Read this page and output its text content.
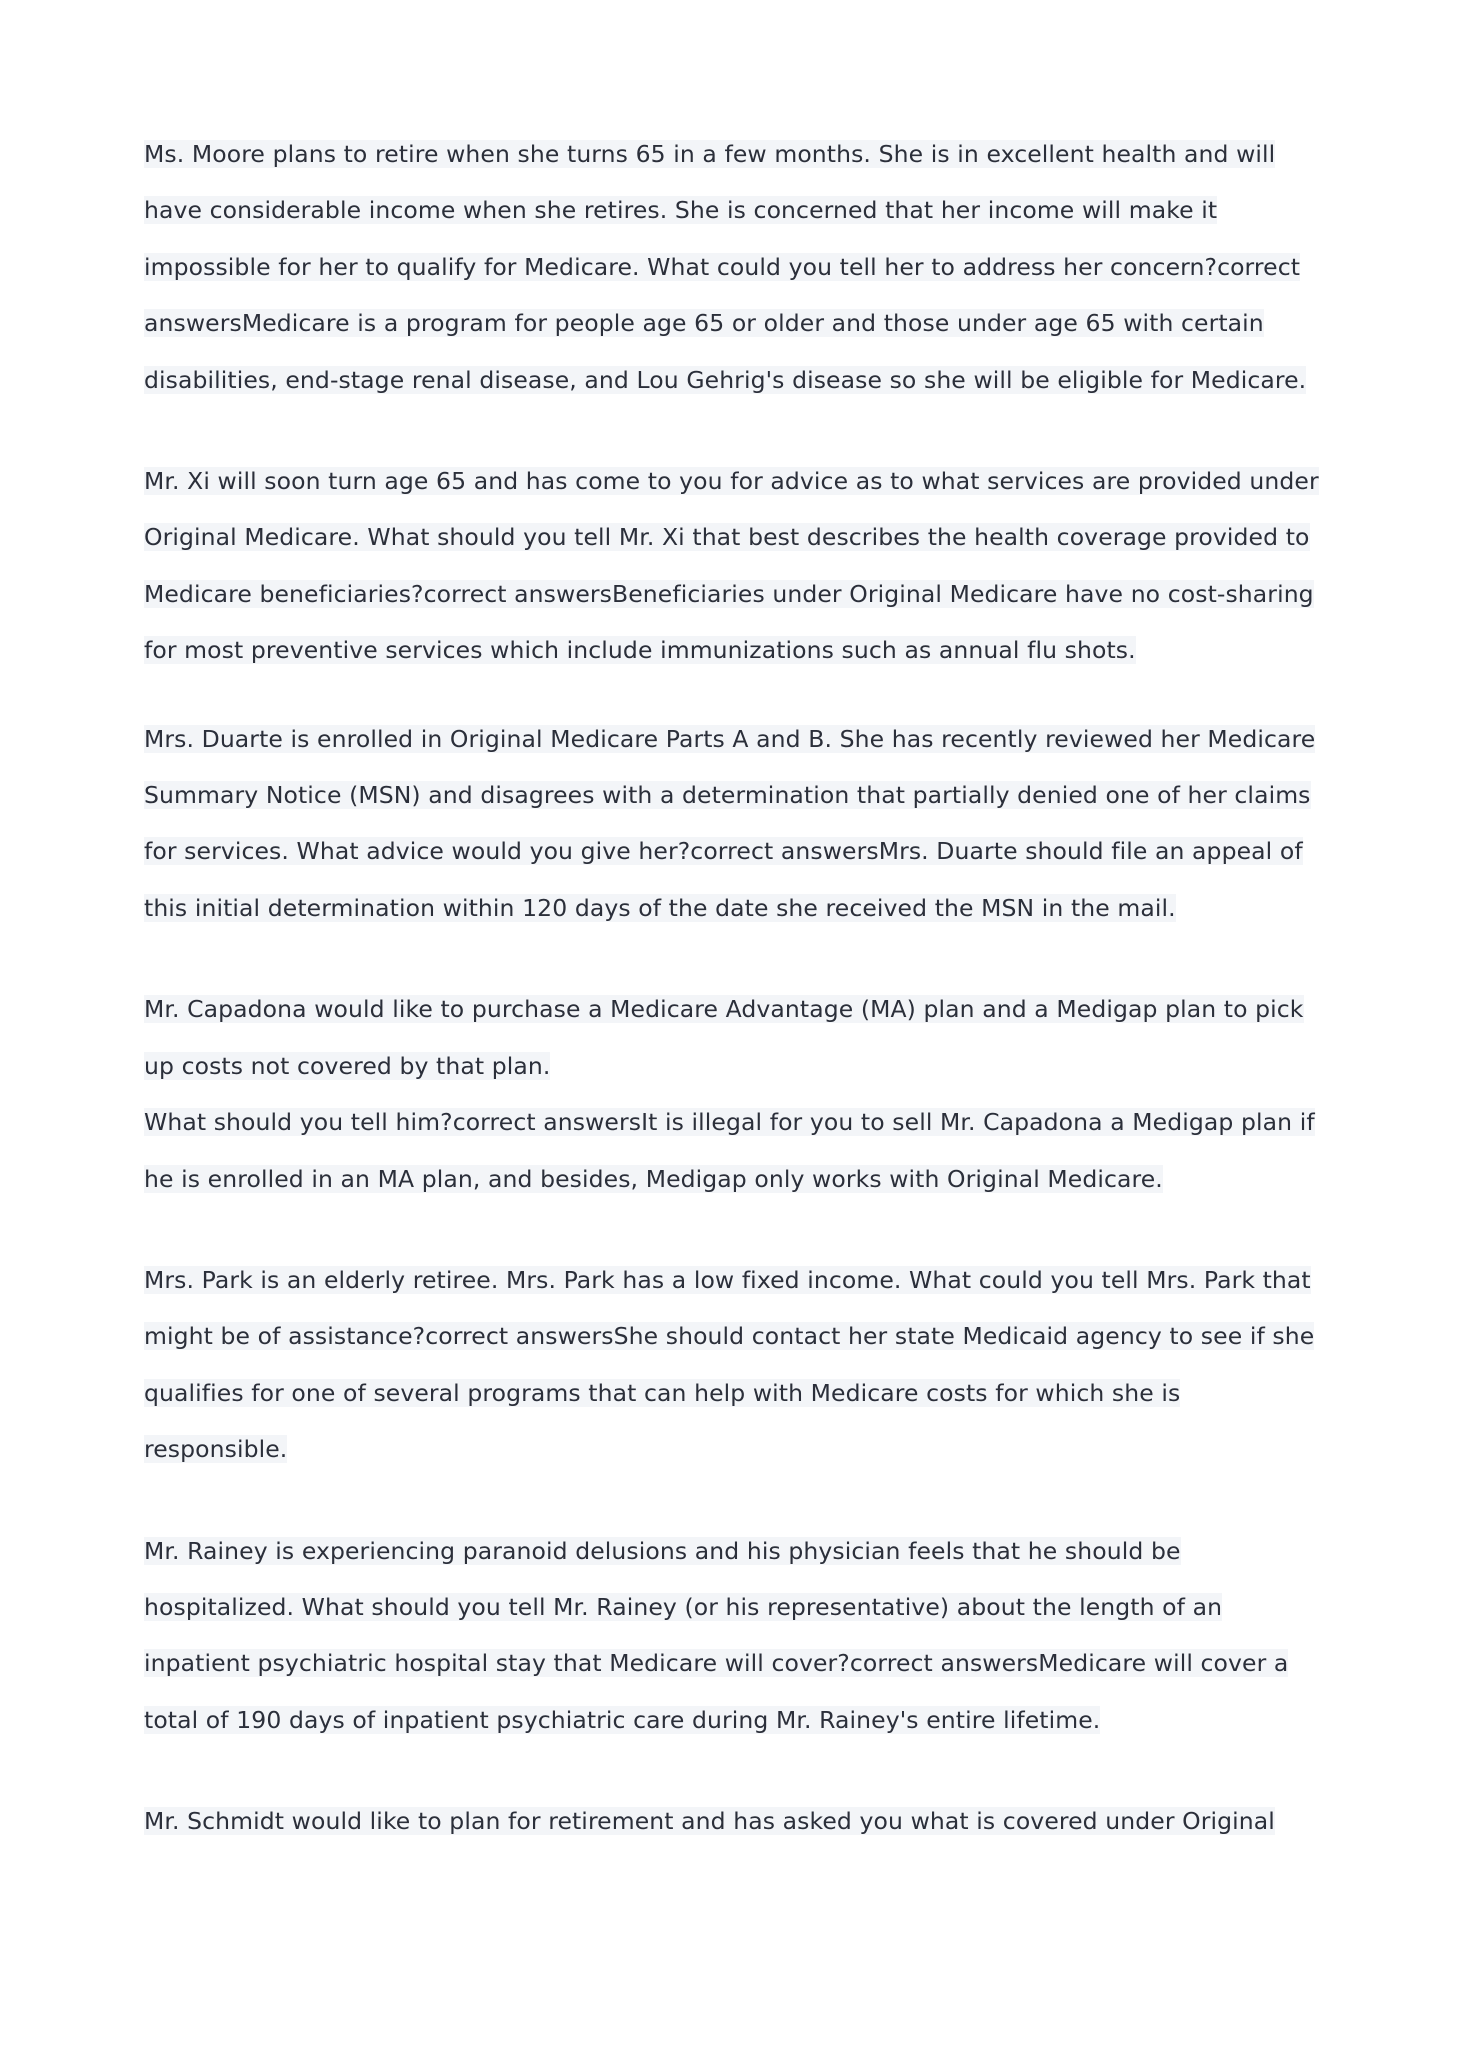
Ms. Moore plans to retire when she turns 65 in a few months. She is in excellent health and will have considerable income when she retires. She is concerned that her income will make it impossible for her to qualify for Medicare. What could you tell her to address her concern?correct answersMedicare is a program for people age 65 or older and those under age 65 with certain disabilities, end-stage renal disease, and Lou Gehrig's disease so she will be eligible for Medicare.

Mr. Xi will soon turn age 65 and has come to you for advice as to what services are provided under Original Medicare. What should you tell Mr. Xi that best describes the health coverage provided to Medicare beneficiaries?correct answersBeneficiaries under Original Medicare have no cost-sharing for most preventive services which include immunizations such as annual flu shots.

Mrs. Duarte is enrolled in Original Medicare Parts A and B. She has recently reviewed her Medicare Summary Notice (MSN) and disagrees with a determination that partially denied one of her claims for services. What advice would you give her?correct answersMrs. Duarte should file an appeal of this initial determination within 120 days of the date she received the MSN in the mail.

Mr. Capadona would like to purchase a Medicare Advantage (MA) plan and a Medigap plan to pick up costs not covered by that plan.
What should you tell him?correct answersIt is illegal for you to sell Mr. Capadona a Medigap plan if he is enrolled in an MA plan, and besides, Medigap only works with Original Medicare.

Mrs. Park is an elderly retiree. Mrs. Park has a low fixed income. What could you tell Mrs. Park that might be of assistance?correct answersShe should contact her state Medicaid agency to see if she qualifies for one of several programs that can help with Medicare costs for which she is responsible.

Mr. Rainey is experiencing paranoid delusions and his physician feels that he should be hospitalized. What should you tell Mr. Rainey (or his representative) about the length of an inpatient psychiatric hospital stay that Medicare will cover?correct answersMedicare will cover a total of 190 days of inpatient psychiatric care during Mr. Rainey's entire lifetime.

Mr. Schmidt would like to plan for retirement and has asked you what is covered under Original
